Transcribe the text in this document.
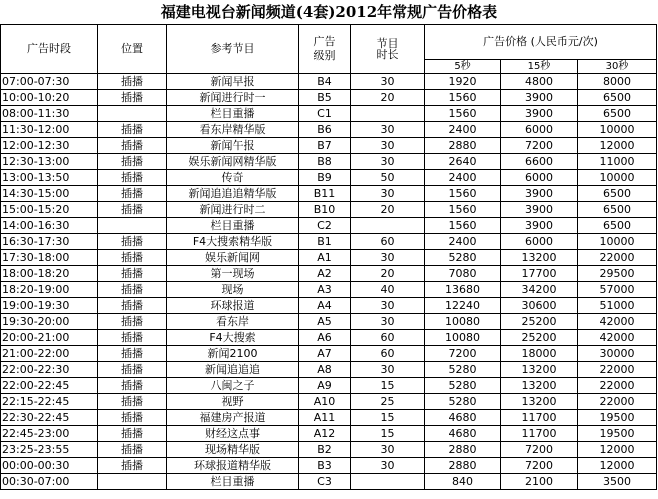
福建电视台新闻频道(4套)2012年常规广告价格表
广告时段	位置	参考节目	广告级别	节目时长	广告价格 (人民币元/次)		
					5秒	15秒	30秒
07:00-07:30	插播	新闻早报	B4	30	1920	4800	8000
10:00-10:20	插播	新闻进行时一	B5	20	1560	3900	6500
08:00-11:30		栏目重播	C1		1560	3900	6500
11:30-12:00	插播	看东岸精华版	B6	30	2400	6000	10000
12:00-12:30	插播	新闻午报	B7	30	2880	7200	12000
12:30-13:00	插播	娱乐新闻网精华版	B8	30	2640	6600	11000
13:00-13:50	插播	传奇	B9	50	2400	6000	10000
14:30-15:00	插播	新闻追追追精华版	B11	30	1560	3900	6500
15:00-15:20	插播	新闻进行时二	B10	20	1560	3900	6500
14:00-16:30		栏目重播	C2		1560	3900	6500
16:30-17:30	插播	F4大搜索精华版	B1	60	2400	6000	10000
17:30-18:00	插播	娱乐新闻网	A1	30	5280	13200	22000
18:00-18:20	插播	第一现场	A2	20	7080	17700	29500
18:20-19:00	插播	现场	A3	40	13680	34200	57000
19:00-19:30	插播	环球报道	A4	30	12240	30600	51000
19:30-20:00	插播	看东岸	A5	30	10080	25200	42000
20:00-21:00	插播	F4大搜索	A6	60	10080	25200	42000
21:00-22:00	插播	新闻2100	A7	60	7200	18000	30000
22:00-22:30	插播	新闻追追追	A8	30	5280	13200	22000
22:00-22:45	插播	八闽之子	A9	15	5280	13200	22000
22:15-22:45	插播	视野	A10	25	5280	13200	22000
22:30-22:45	插播	福建房产报道	A11	15	4680	11700	19500
22:45-23:00	插播	财经这点事	A12	15	4680	11700	19500
23:25-23:55	插播	现场精华版	B2	30	2880	7200	12000
00:00-00:30	插播	环球报道精华版	B3	30	2880	7200	12000
00:30-07:00		栏目重播	C3		840	2100	3500
